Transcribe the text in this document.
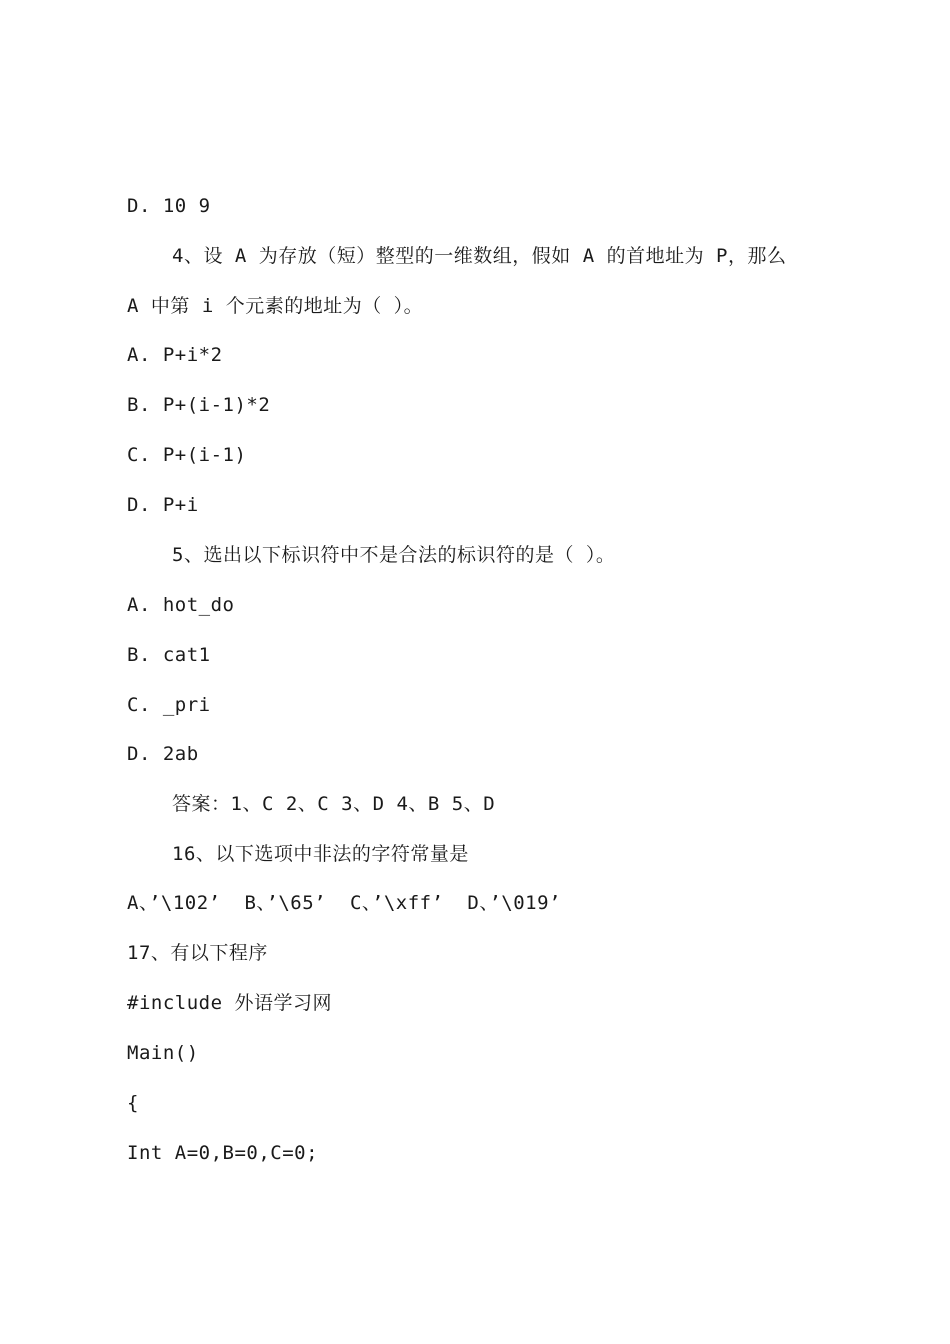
D. 10 9
4、设 A 为存放（短）整型的一维数组，假如 A 的首地址为 P，那么
A 中第 i 个元素的地址为（ ）。
A. P+i*2
B. P+(i-1)*2
C. P+(i-1)
D. P+i
5、选出以下标识符中不是合法的标识符的是（ ）。
A. hot_do
B. cat1
C. _pri
D. 2ab
答案：1、C 2、C 3、D 4、B 5、D
16、以下选项中非法的字符常量是
A、’\102’  B、’\65’  C、’\xff’  D、’\019’
17、有以下程序
#include 外语学习网
Main()
{
Int A=0,B=0,C=0;
